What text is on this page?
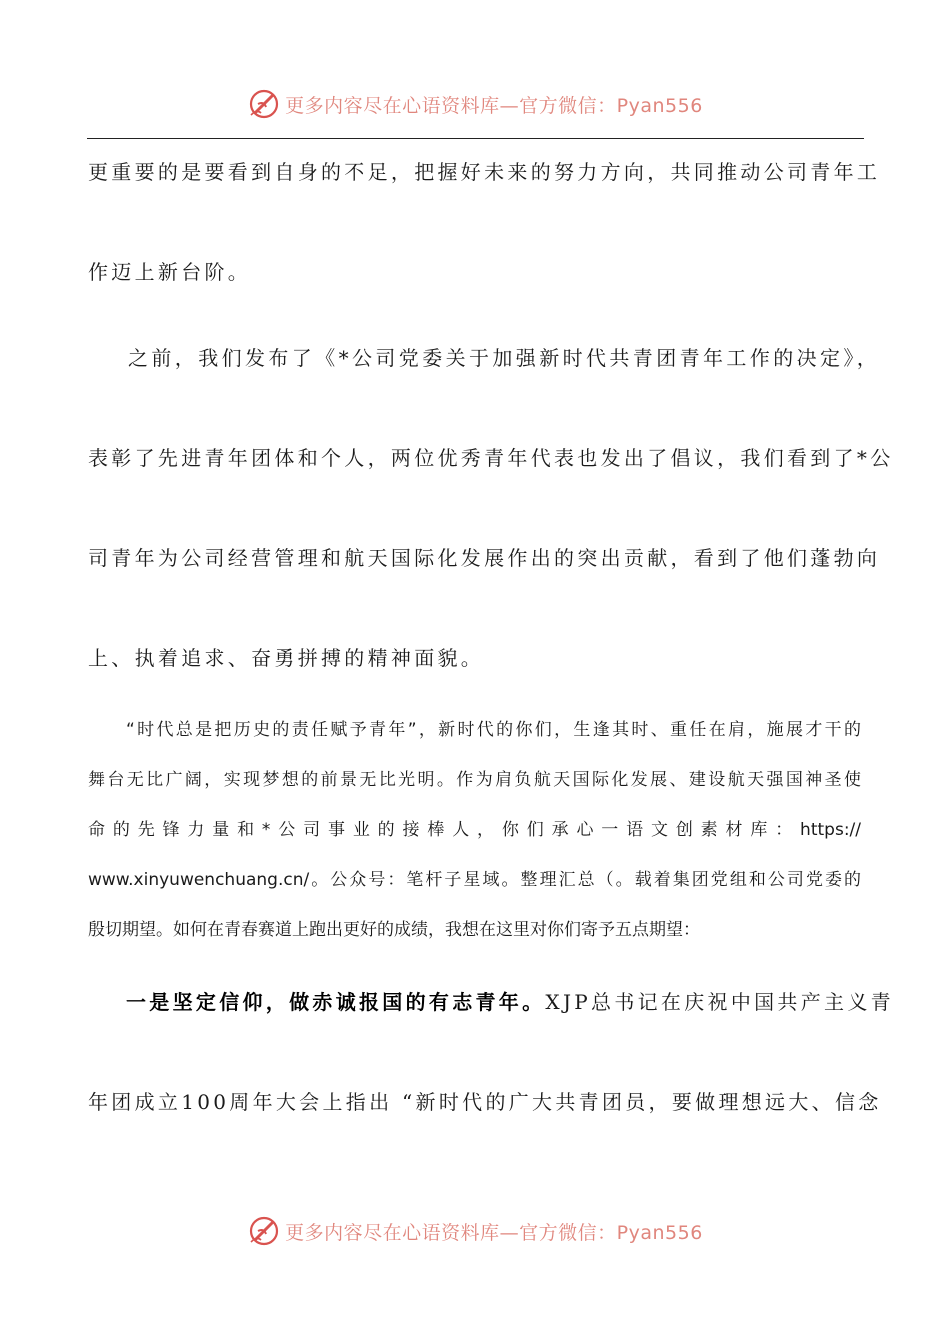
更多内容尽在心语资料库—官方微信：Pyan556
更重要的是要看到自身的不足，把握好未来的努力方向，共同推动公司青年工
作迈上新台阶。
之前，我们发布了《*公司党委关于加强新时代共青团青年工作的决定》，
表彰了先进青年团体和个人，两位优秀青年代表也发出了倡议，我们看到了*公
司青年为公司经营管理和航天国际化发展作出的突出贡献，看到了他们蓬勃向
上、执着追求、奋勇拼搏的精神面貌。
“时代总是把历史的责任赋予青年”，新时代的你们，生逢其时、重任在肩，施展才干的
舞台无比广阔，实现梦想的前景无比光明。作为肩负航天国际化发展、建设航天强国神圣使
命的先锋力量和*公司事业的接棒人，你们承心一语文创素材库：https://
www.xinyuwenchuang.cn/。公众号：笔杆子星域。整理汇总（。载着集团党组和公司党委的
殷切期望。如何在青春赛道上跑出更好的成绩，我想在这里对你们寄予五点期望：
一是坚定信仰，做赤诚报国的有志青年。XJP总书记在庆祝中国共产主义青
年团成立100周年大会上指出 “新时代的广大共青团员，要做理想远大、信念
更多内容尽在心语资料库—官方微信：Pyan556
